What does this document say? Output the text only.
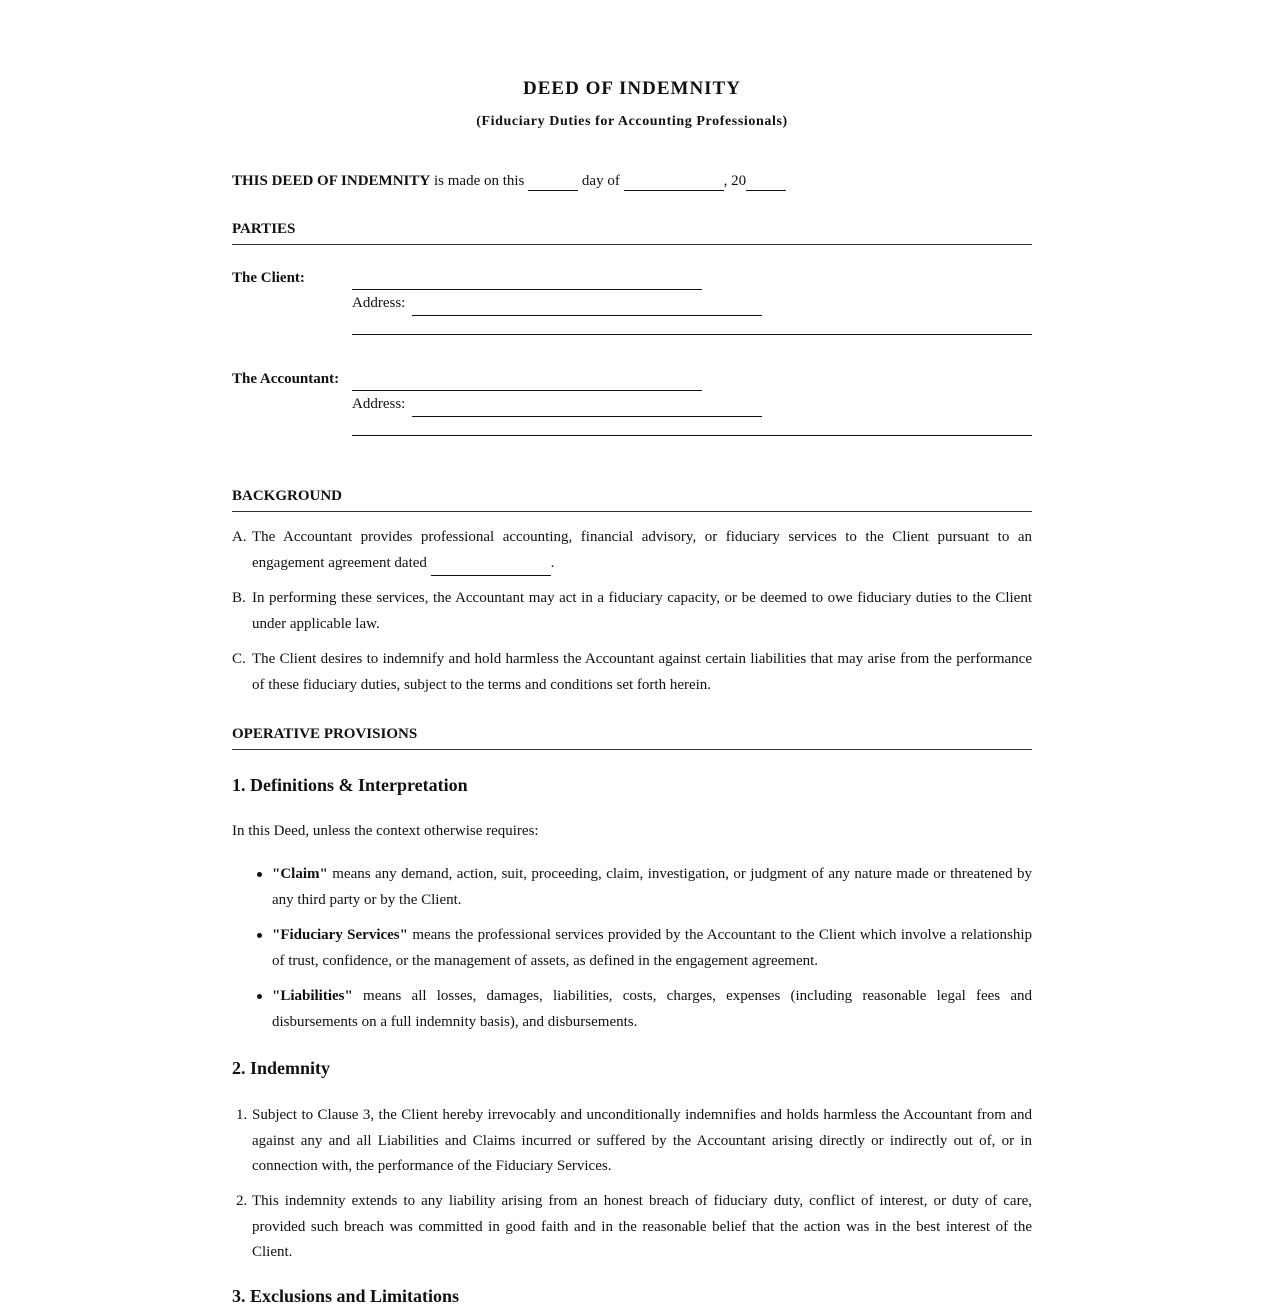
DEED OF INDEMNITY
(Fiduciary Duties for Accounting Professionals)
THIS DEED OF INDEMNITY is made on this	day of	, 20
PARTIES
The Client:
Address:
The Accountant:
Address:
BACKGROUND
A. The Accountant provides professional accounting, financial advisory, or fiduciary services to the Client pursuant to an engagement agreement dated	.
B. In performing these services, the Accountant may act in a fiduciary capacity, or be deemed to owe fiduciary duties to the Client under applicable law.
C. The Client desires to indemnify and hold harmless the Accountant against certain liabilities that may arise from the performance of these fiduciary duties, subject to the terms and conditions set forth herein.
OPERATIVE PROVISIONS
1. Definitions & Interpretation
In this Deed, unless the context otherwise requires:
"Claim" means any demand, action, suit, proceeding, claim, investigation, or judgment of any nature made or threatened by any third party or by the Client.
"Fiduciary Services" means the professional services provided by the Accountant to the Client which involve a relationship of trust, confidence, or the management of assets, as defined in the engagement agreement.
"Liabilities" means all losses, damages, liabilities, costs, charges, expenses (including reasonable legal fees and disbursements on a full indemnity basis), and disbursements.
2. Indemnity
1. Subject to Clause 3, the Client hereby irrevocably and unconditionally indemnifies and holds harmless the Accountant from and against any and all Liabilities and Claims incurred or suffered by the Accountant arising directly or indirectly out of, or in connection with, the performance of the Fiduciary Services.
2. This indemnity extends to any liability arising from an honest breach of fiduciary duty, conflict of interest, or duty of care, provided such breach was committed in good faith and in the reasonable belief that the action was in the best interest of the Client.
3. Exclusions and Limitations
